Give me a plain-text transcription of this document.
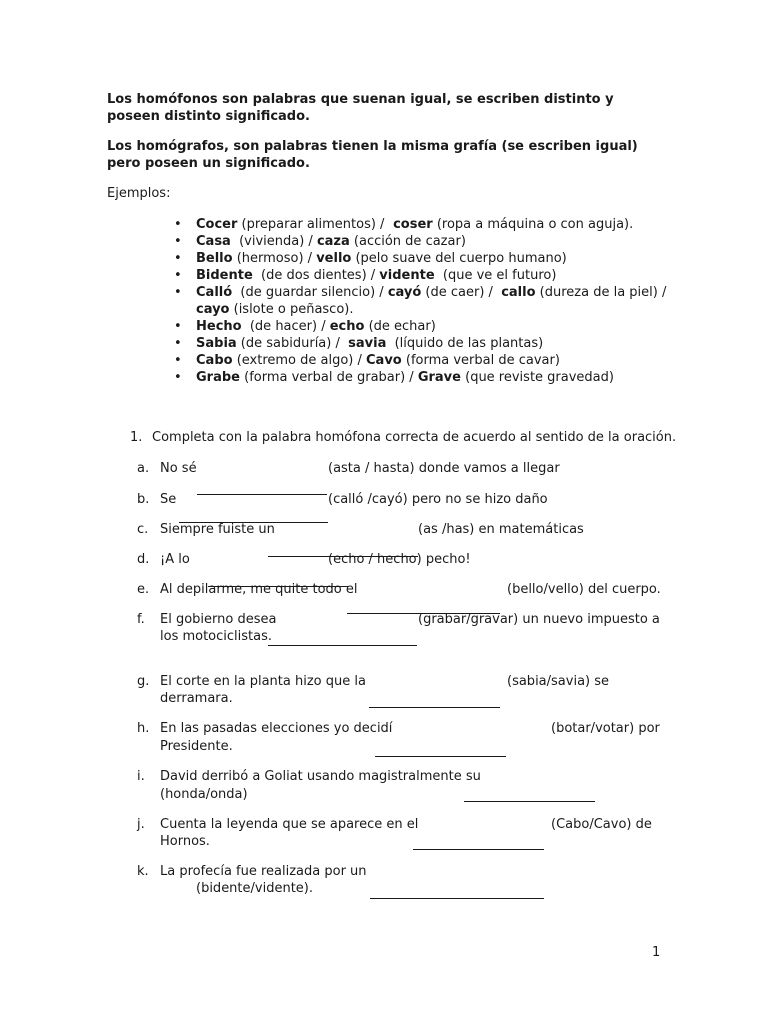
Los homófonos son palabras que suenan igual, se escriben distinto y poseen distinto significado.
Los homógrafos, son palabras tienen la misma grafía (se escriben igual) pero poseen un significado.
Ejemplos:
• Cocer (preparar alimentos) /  coser (ropa a máquina o con aguja).
• Casa  (vivienda) / caza (acción de cazar)
• Bello (hermoso) / vello (pelo suave del cuerpo humano)
• Bidente  (de dos dientes) / vidente  (que ve el futuro)
• Calló  (de guardar silencio) / cayó (de caer) /  callo (dureza de la piel) / cayo (islote o peñasco).
• Hecho  (de hacer) / echo (de echar)
• Sabia (de sabiduría) /  savia  (líquido de las plantas)
• Cabo (extremo de algo) / Cavo (forma verbal de cavar)
• Grabe (forma verbal de grabar) / Grave (que reviste gravedad)
1. Completa con la palabra homófona correcta de acuerdo al sentido de la oración.
a. No sé	(asta / hasta) donde vamos a llegar
b. Se	(calló /cayó) pero no se hizo daño
c. Siempre fuiste un	(as /has) en matemáticas
d. ¡A lo	(echo / hecho) pecho!
e. Al depilarme, me quite todo el	(bello/vello) del cuerpo.
f. El gobierno desea	(grabar/gravar) un nuevo impuesto a
los motociclistas.
g. El corte en la planta hizo que la	(sabia/savia) se
derramara.
h. En las pasadas elecciones yo decidí	(botar/votar) por
Presidente.
i. David derribó a Goliat usando magistralmente su
(honda/onda)
j. Cuenta la leyenda que se aparece en el	(Cabo/Cavo) de
Hornos.
k. La profecía fue realizada por un
(bidente/vidente).
1
